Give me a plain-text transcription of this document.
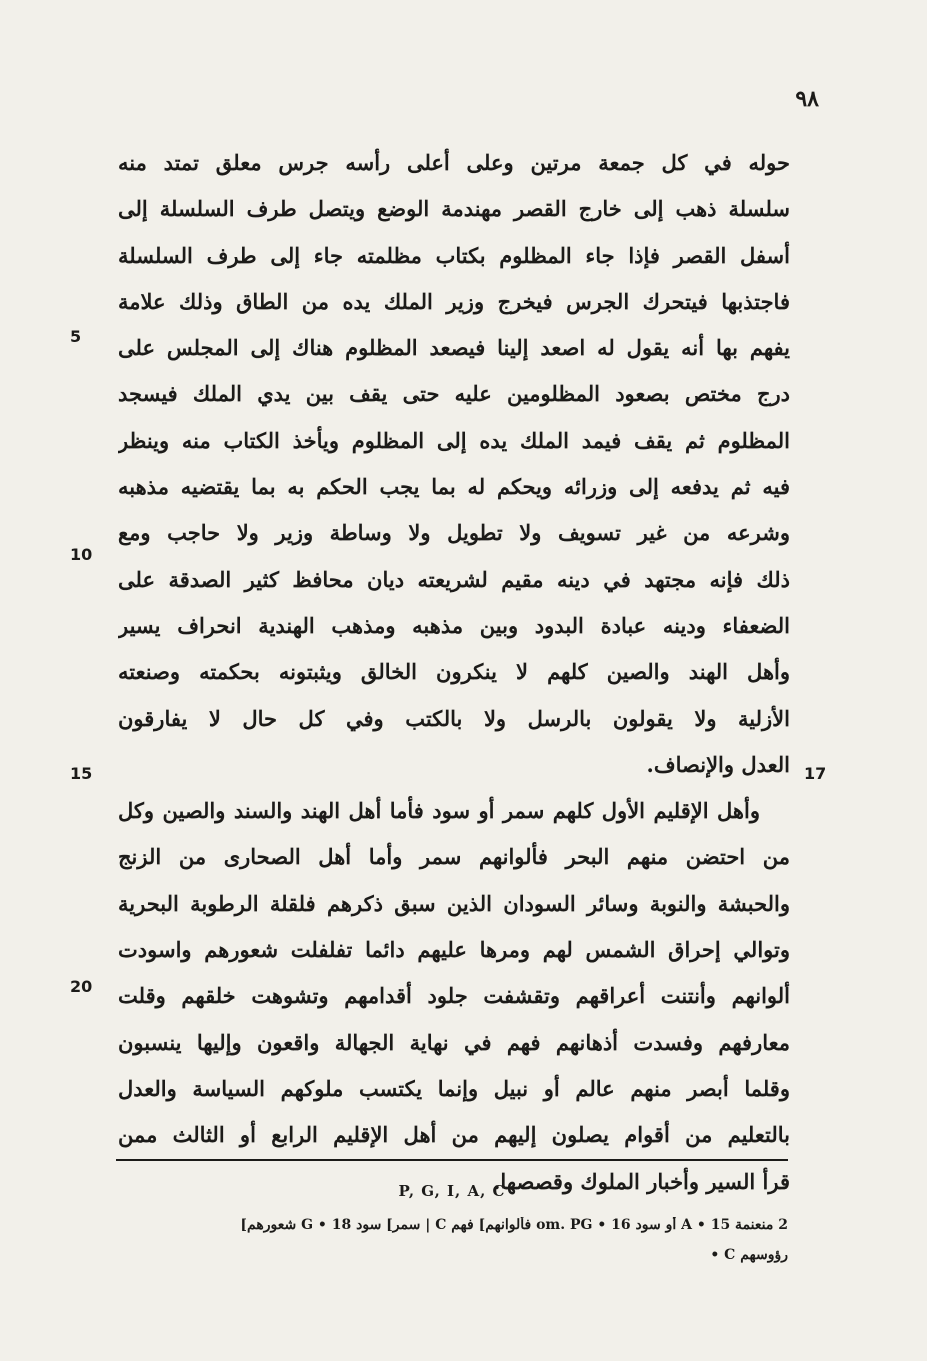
٩٨
حوله في كل جمعة مرتين وعلى أعلى رأسه جرس معلق تمتد منه
سلسلة ذهب إلى خارج القصر مهندمة الوضع ويتصل طرف السلسلة إلى
أسفل القصر فإذا جاء المظلوم بكتاب مظلمته جاء إلى طرف السلسلة
فاجتذبها فيتحرك الجرس فيخرج وزير الملك يده من الطاق وذلك علامة
يفهم بها أنه يقول له اصعد إلينا فيصعد المظلوم هناك إلى المجلس على
درج مختص بصعود المظلومين عليه حتى يقف بين يدي الملك فيسجد
المظلوم ثم يقف فيمد الملك يده إلى المظلوم ويأخذ الكتاب منه وينظر
فيه ثم يدفعه إلى وزرائه ويحكم له بما يجب الحكم به بما يقتضيه مذهبه
وشرعه من غير تسويف ولا تطويل ولا وساطة وزير ولا حاجب ومع
ذلك فإنه مجتهد في دينه مقيم لشريعته ديان محافظ كثير الصدقة على
الضعفاء ودينه عبادة البدود وبين مذهبه ومذهب الهندية انحراف يسير
وأهل الهند والصين كلهم لا ينكرون الخالق ويثبتونه بحكمته وصنعته
الأزلية ولا يقولون بالرسل ولا بالكتب وفي كل حال لا يفارقون
العدل والإنصاف.
وأهل الإقليم الأول كلهم سمر أو سود فأما أهل الهند والسند والصين وكل
من احتضن منهم البحر فألوانهم سمر وأما أهل الصحارى من الزنج
والحبشة والنوبة وسائر السودان الذين سبق ذكرهم فلقلة الرطوبة البحرية
وتوالي إحراق الشمس لهم ومرها عليهم دائما تفلفلت شعورهم واسودت
ألوانهم وأنتنت أعراقهم وتقشفت جلود أقدامهم وتشوهت خلقهم وقلت
معارفهم وفسدت أذهانهم فهم في نهاية الجهالة واقعون وإليها ينسبون
وقلما أبصر منهم عالم أو نبيل وإنما يكتسب ملوكهم السياسة والعدل
بالتعليم من أقوام يصلون إليهم من أهل الإقليم الرابع أو الثالث ممن
قرأ السير وأخبار الملوك وقصصها.
5
10
15
20
17
P, G, I, A, C
2 منعنمة A • 15 أو سود om. PG • 16 فألوانهم] فهم C | سمر] سود G • 18 شعورهم]
رؤوسهم C •
